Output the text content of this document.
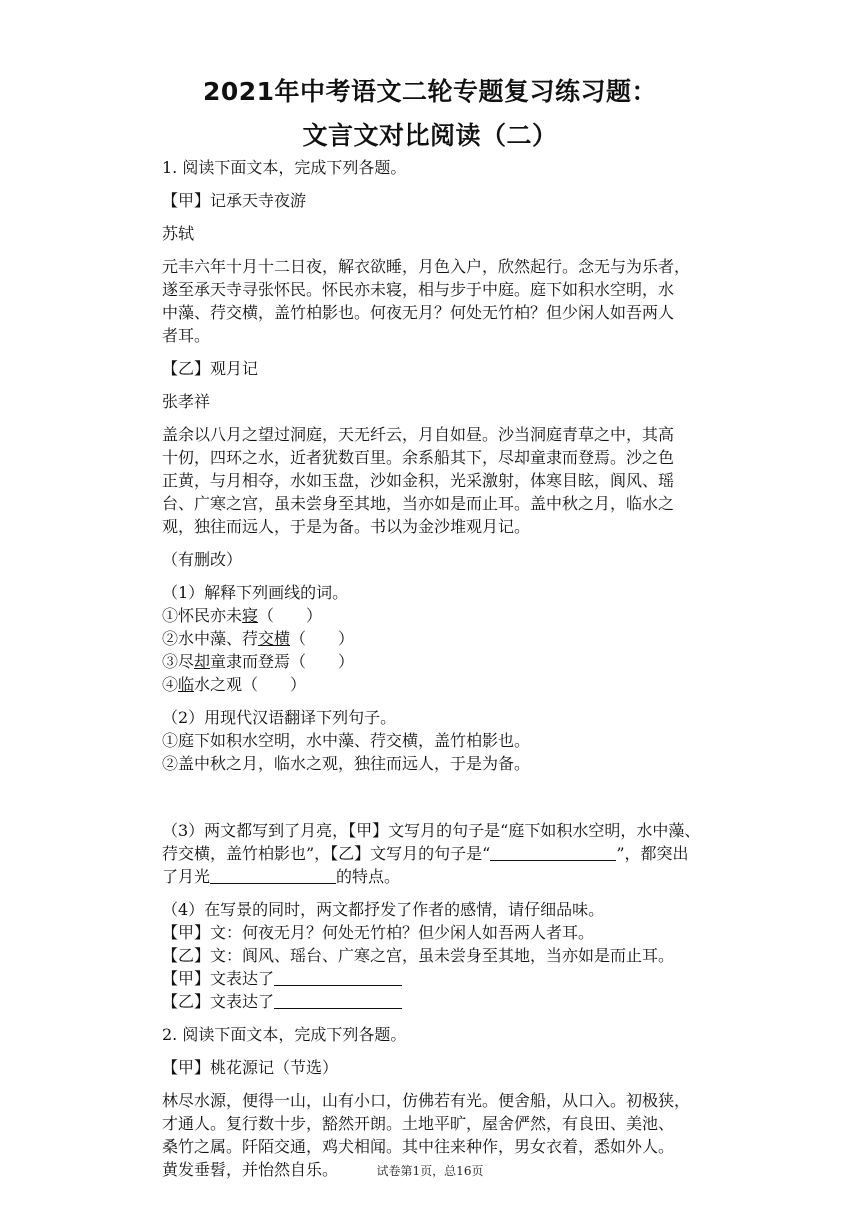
2021年中考语文二轮专题复习练习题：
文言文对比阅读（二）
1. 阅读下面文本，完成下列各题。
【甲】记承天寺夜游
苏轼
元丰六年十月十二日夜，解衣欲睡，月色入户，欣然起行。念无与为乐者，
遂至承天寺寻张怀民。怀民亦未寝，相与步于中庭。庭下如积水空明，水
中藻、荇交横，盖竹柏影也。何夜无月？何处无竹柏？但少闲人如吾两人
者耳。
【乙】观月记
张孝祥
盖余以八月之望过洞庭，天无纤云，月自如昼。沙当洞庭青草之中，其高
十仞，四环之水，近者犹数百里。余系船其下，尽却童隶而登焉。沙之色
正黄，与月相夺，水如玉盘，沙如金积，光采激射，体寒目眩，阆风、瑶
台、广寒之宫，虽未尝身至其地，当亦如是而止耳。盖中秋之月，临水之
观，独往而远人，于是为备。书以为金沙堆观月记。
（有删改）
（1）解释下列画线的词。
①怀民亦未寝（　　）
②水中藻、荇交横（　　）
③尽却童隶而登焉（　　）
④临水之观（　　）
（2）用现代汉语翻译下列句子。
①庭下如积水空明，水中藻、荇交横，盖竹柏影也。
②盖中秋之月，临水之观，独往而远人，于是为备。
（3）两文都写到了月亮，【甲】文写月的句子是“庭下如积水空明，水中藻、
荇交横，盖竹柏影也”，【乙】文写月的句子是“	”，都突出
了月光	的特点。
（4）在写景的同时，两文都抒发了作者的感情，请仔细品味。
【甲】文：何夜无月？何处无竹柏？但少闲人如吾两人者耳。
【乙】文：阆风、瑶台、广寒之宫，虽未尝身至其地，当亦如是而止耳。
【甲】文表达了
【乙】文表达了
2. 阅读下面文本，完成下列各题。
【甲】桃花源记（节选）
林尽水源，便得一山，山有小口，仿佛若有光。便舍船，从口入。初极狭，
才通人。复行数十步，豁然开朗。土地平旷，屋舍俨然，有良田、美池、
桑竹之属。阡陌交通，鸡犬相闻。其中往来种作，男女衣着，悉如外人。
黄发垂髫，并怡然自乐。	试卷第1页，总16页
